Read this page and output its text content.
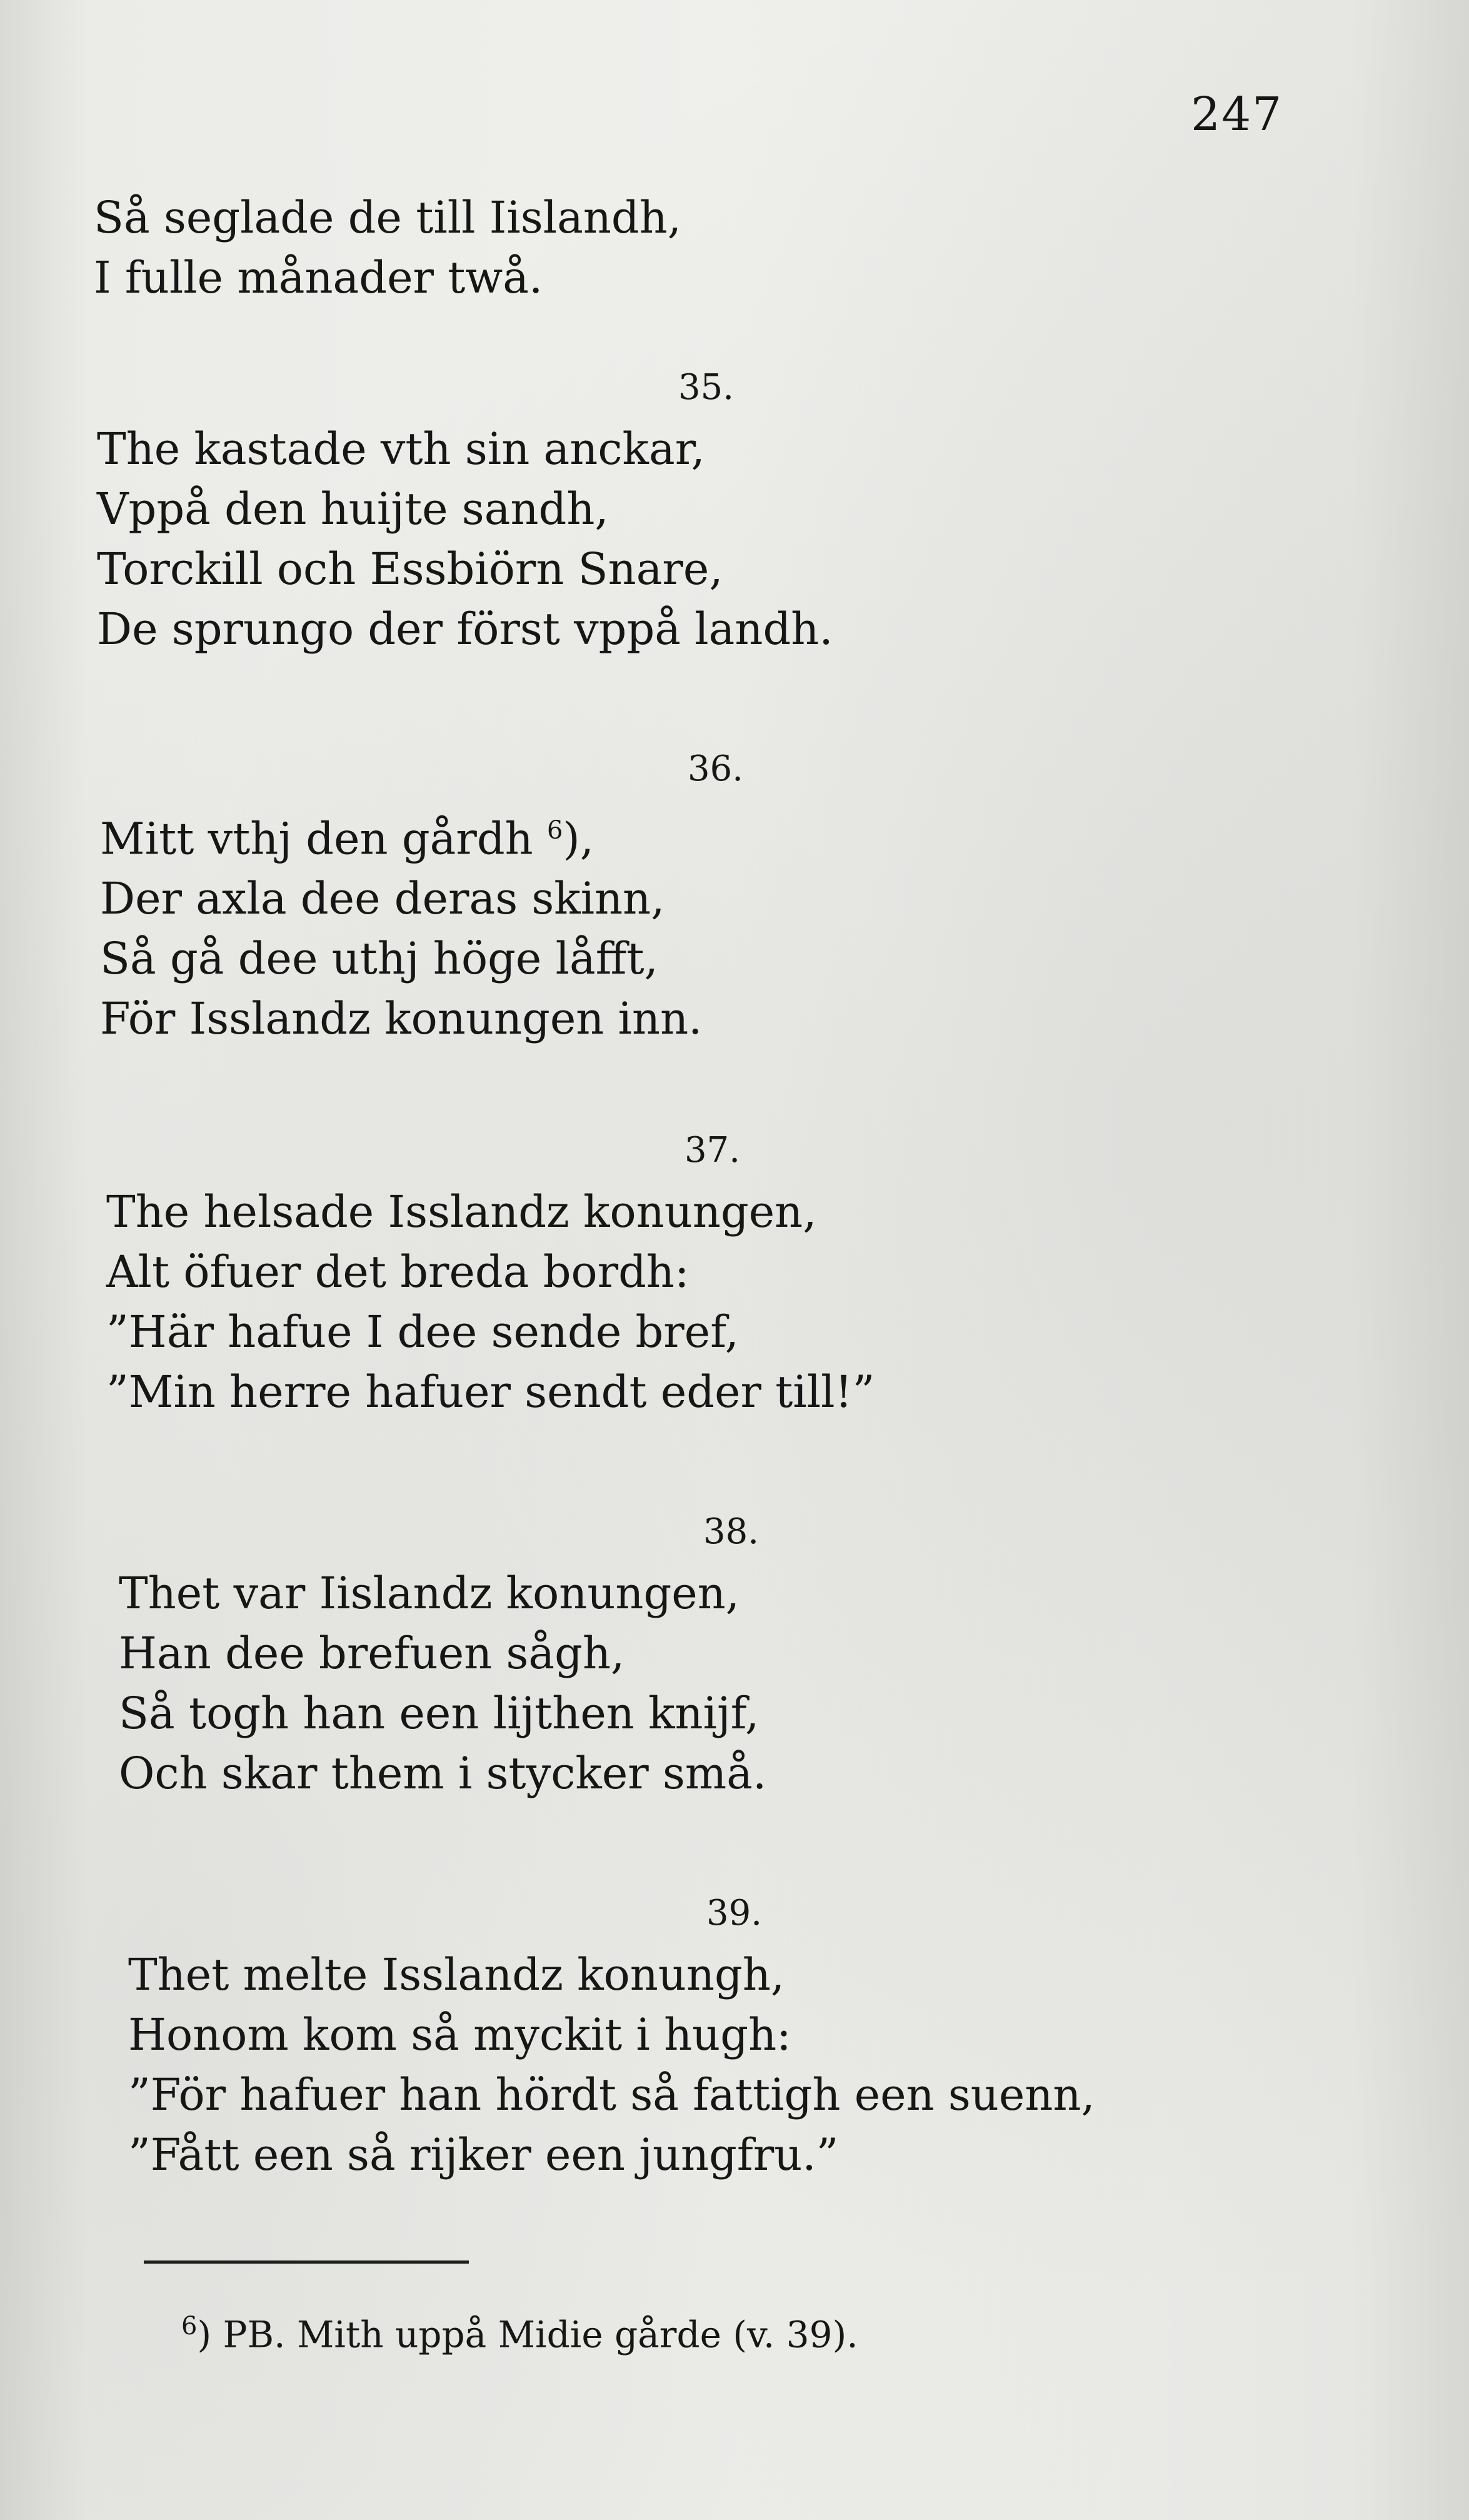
247
Så seglade de till Iislandh,
I fulle månader twå.
35.
The kastade vth sin anckar,
Vppå den huijte sandh,
Torckill och Essbiörn Snare,
De sprungo der först vppå landh.
36.
Mitt vthj den gårdh $^6$),
Der axla dee deras skinn,
Så gå dee uthj höge låfft,
För Isslandz konungen inn.
37.
The helsade Isslandz konungen,
Alt öfuer det breda bordh:
”Här hafue I dee sende bref,
”Min herre hafuer sendt eder till!”
38.
Thet var Iislandz konungen,
Han dee brefuen sågh,
Så togh han een lijthen knijf,
Och skar them i stycker små.
39.
Thet melte Isslandz konungh,
Honom kom så myckit i hugh:
”För hafuer han hördt så fattigh een suenn,
”Fått een så rijker een jungfru.”
$^6$) PB. Mith uppå Midie gårde (v. 39).
